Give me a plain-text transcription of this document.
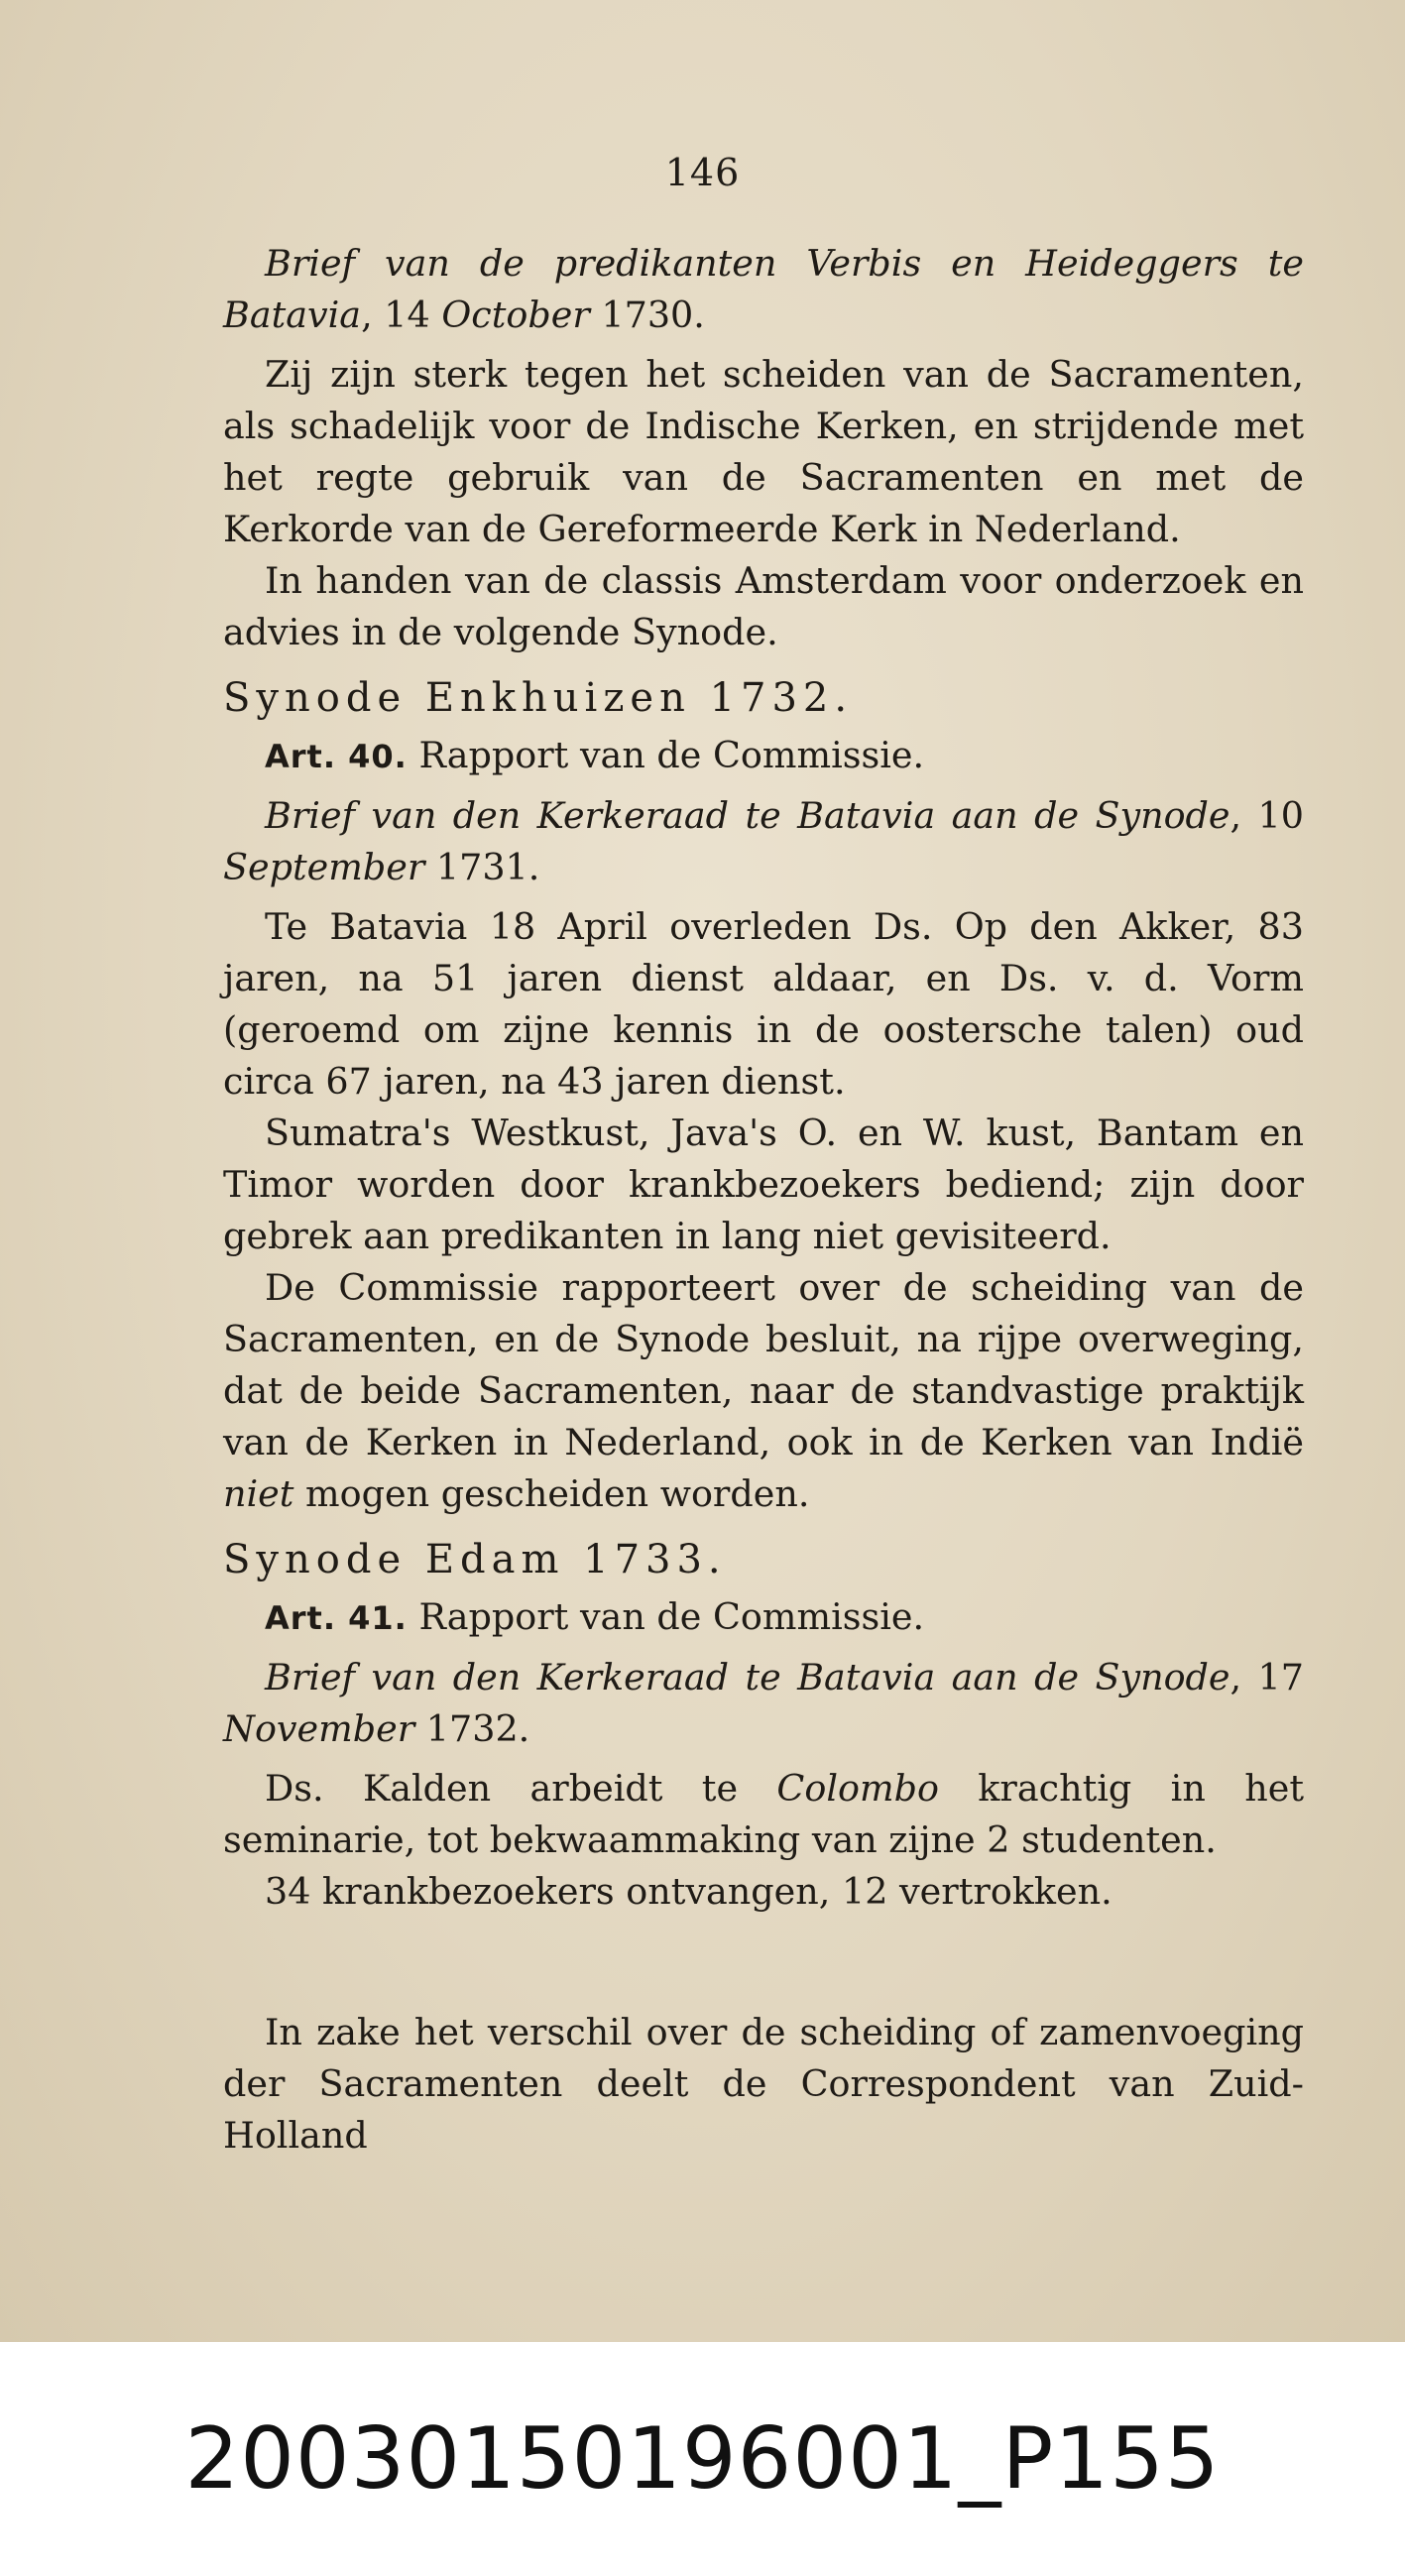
146

Brief van de predikanten Verbis en Heideggers te Batavia, 14 October 1730.

Zij zijn sterk tegen het scheiden van de Sacramenten, als schadelijk voor de Indische Kerken, en strijdende met het regte gebruik van de Sacramenten en met de Kerkorde van de Gereformeerde Kerk in Nederland.

In handen van de classis Amsterdam voor onderzoek en advies in de volgende Synode.

Synode Enkhuizen 1732.

Art. 40. Rapport van de Commissie.

Brief van den Kerkeraad te Batavia aan de Synode, 10 September 1731.

Te Batavia 18 April overleden Ds. Op den Akker, 83 jaren, na 51 jaren dienst aldaar, en Ds. v. d. Vorm (geroemd om zijne kennis in de oostersche talen) oud circa 67 jaren, na 43 jaren dienst.

Sumatra's Westkust, Java's O. en W. kust, Bantam en Timor worden door krankbezoekers bediend; zijn door gebrek aan predikanten in lang niet gevisiteerd.

De Commissie rapporteert over de scheiding van de Sacramenten, en de Synode besluit, na rijpe overweging, dat de beide Sacramenten, naar de standvastige praktijk van de Kerken in Nederland, ook in de Kerken van Indië niet mogen gescheiden worden.

Synode Edam 1733.

Art. 41. Rapport van de Commissie.

Brief van den Kerkeraad te Batavia aan de Synode, 17 November 1732.

Ds. Kalden arbeidt te Colombo krachtig in het seminarie, tot bekwaammaking van zijne 2 studenten.

34 krankbezoekers ontvangen, 12 vertrokken.

In zake het verschil over de scheiding of zamenvoeging der Sacramenten deelt de Correspondent van Zuid-Holland

20030150196001_P155
